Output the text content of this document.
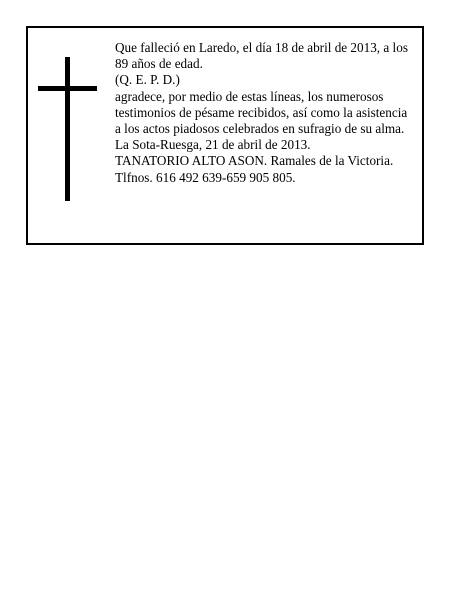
Que falleció en Laredo, el día 18 de abril de 2013, a los
89 años de edad.
(Q. E. P. D.)
agradece, por medio de estas líneas, los numerosos
testimonios de pésame recibidos, así como la asistencia
a los actos piadosos celebrados en sufragio de su alma.
La Sota-Ruesga, 21 de abril de 2013.
TANATORIO ALTO ASON. Ramales de la Victoria.
Tlfnos. 616 492 639-659 905 805.
